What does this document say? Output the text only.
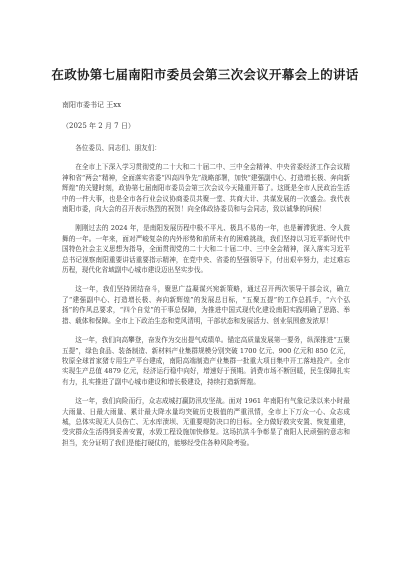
在政协第七届南阳市委员会第三次会议开幕会上的讲话
南阳市委书记 王xx
（2025 年 2 月 7 日）

各位委员、同志们、朋友们：

在全市上下深入学习贯彻党的二十大和二十届二中、三中全会精神、中央省委经济工作会议精神和省“两会”精神，全面落实省委“四高四争先”战略部署，加快“建强副中心、打造增长极、奔向新辉煌”的关键时刻，政协第七届南阳市委员会第三次会议今天隆重开幕了。这既是全市人民政治生活中的一件大事，也是全市各行业会议协商委员共聚一堂、共商大计、共谋发展的一次盛会。我代表南阳市委，向大会的召开表示热烈的祝贺！向全体政协委员和与会同志，致以诚挚的问候！

刚刚过去的 2024 年，是南阳发展历程中极不平凡、极具不易的一年，也是蓄滞犹进、令人鼓舞的一年。一年来，面对严峻复杂的内外形势和前所未有的困难挑战，我们坚持以习近平新时代中国特色社会主义思想为指导，全面贯彻党的二十大和二十届二中、三中全会精神，深入落实习近平总书记视察南阳重要讲话重要指示精神，在党中央、省委的坚强领导下，付出艰辛努力，走过难忘历程，现代化省域副中心城市建设迈出坚实步伐。

这一年，我们坚持团结奋斗，聚思广益凝谋兴宛新策略，通过召开两次领导干部会议，确立了“建强副中心、打造增长极、奔向新辉煌”的发展总目标，“五聚五提”的工作总抓手，“六个弘扬”的作风总要求，“四个自觉”的干事总保障，为推进中国式现代化建设南阳实践明确了思路、举措、载体和保障。全市上下政治生态和党风清明，干部状态和发展活力、创业氛围愈发浓厚！

这一年，我们向高攀登，奋发作为交出提气成绩单。锚定高质量发展第一要务，纵深推进“五聚五提”，绿色食品、装备制造、新材料产业集群规模分别突破 1700 亿元、900 亿元和 850 亿元，牧原全球首家猪专用生产平台建成，南阳高端制造产业集群一批重大项目集中开工落地投产。全市实现生产总值 4879 亿元，经济运行稳中向好，增速好于预期。消费市场不断回暖，民生保障扎实有力，扎实推进了副中心城市建设和增长极建设，持续打造新辉煌。

这一年，我们向险而行，众志成城打赢防汛攻坚战。面对 1961 年南阳有气象记录以来小时最大雨量、日最大雨量、累计最大降水量均突破历史极值的严重汛情，全市上下万众一心、众志成城，总体实现无人员伤亡、无水库溃坝、无重要堤防决口的目标。全力做好救灾安置、恢复重建，受灾群众生活得到妥善安置，水毁工程设施加快修复。这场抗洪斗争彰显了南阳人民顽强的意志和担当，充分证明了我们是能打硬仗的，能够经受住各种风险考验。
